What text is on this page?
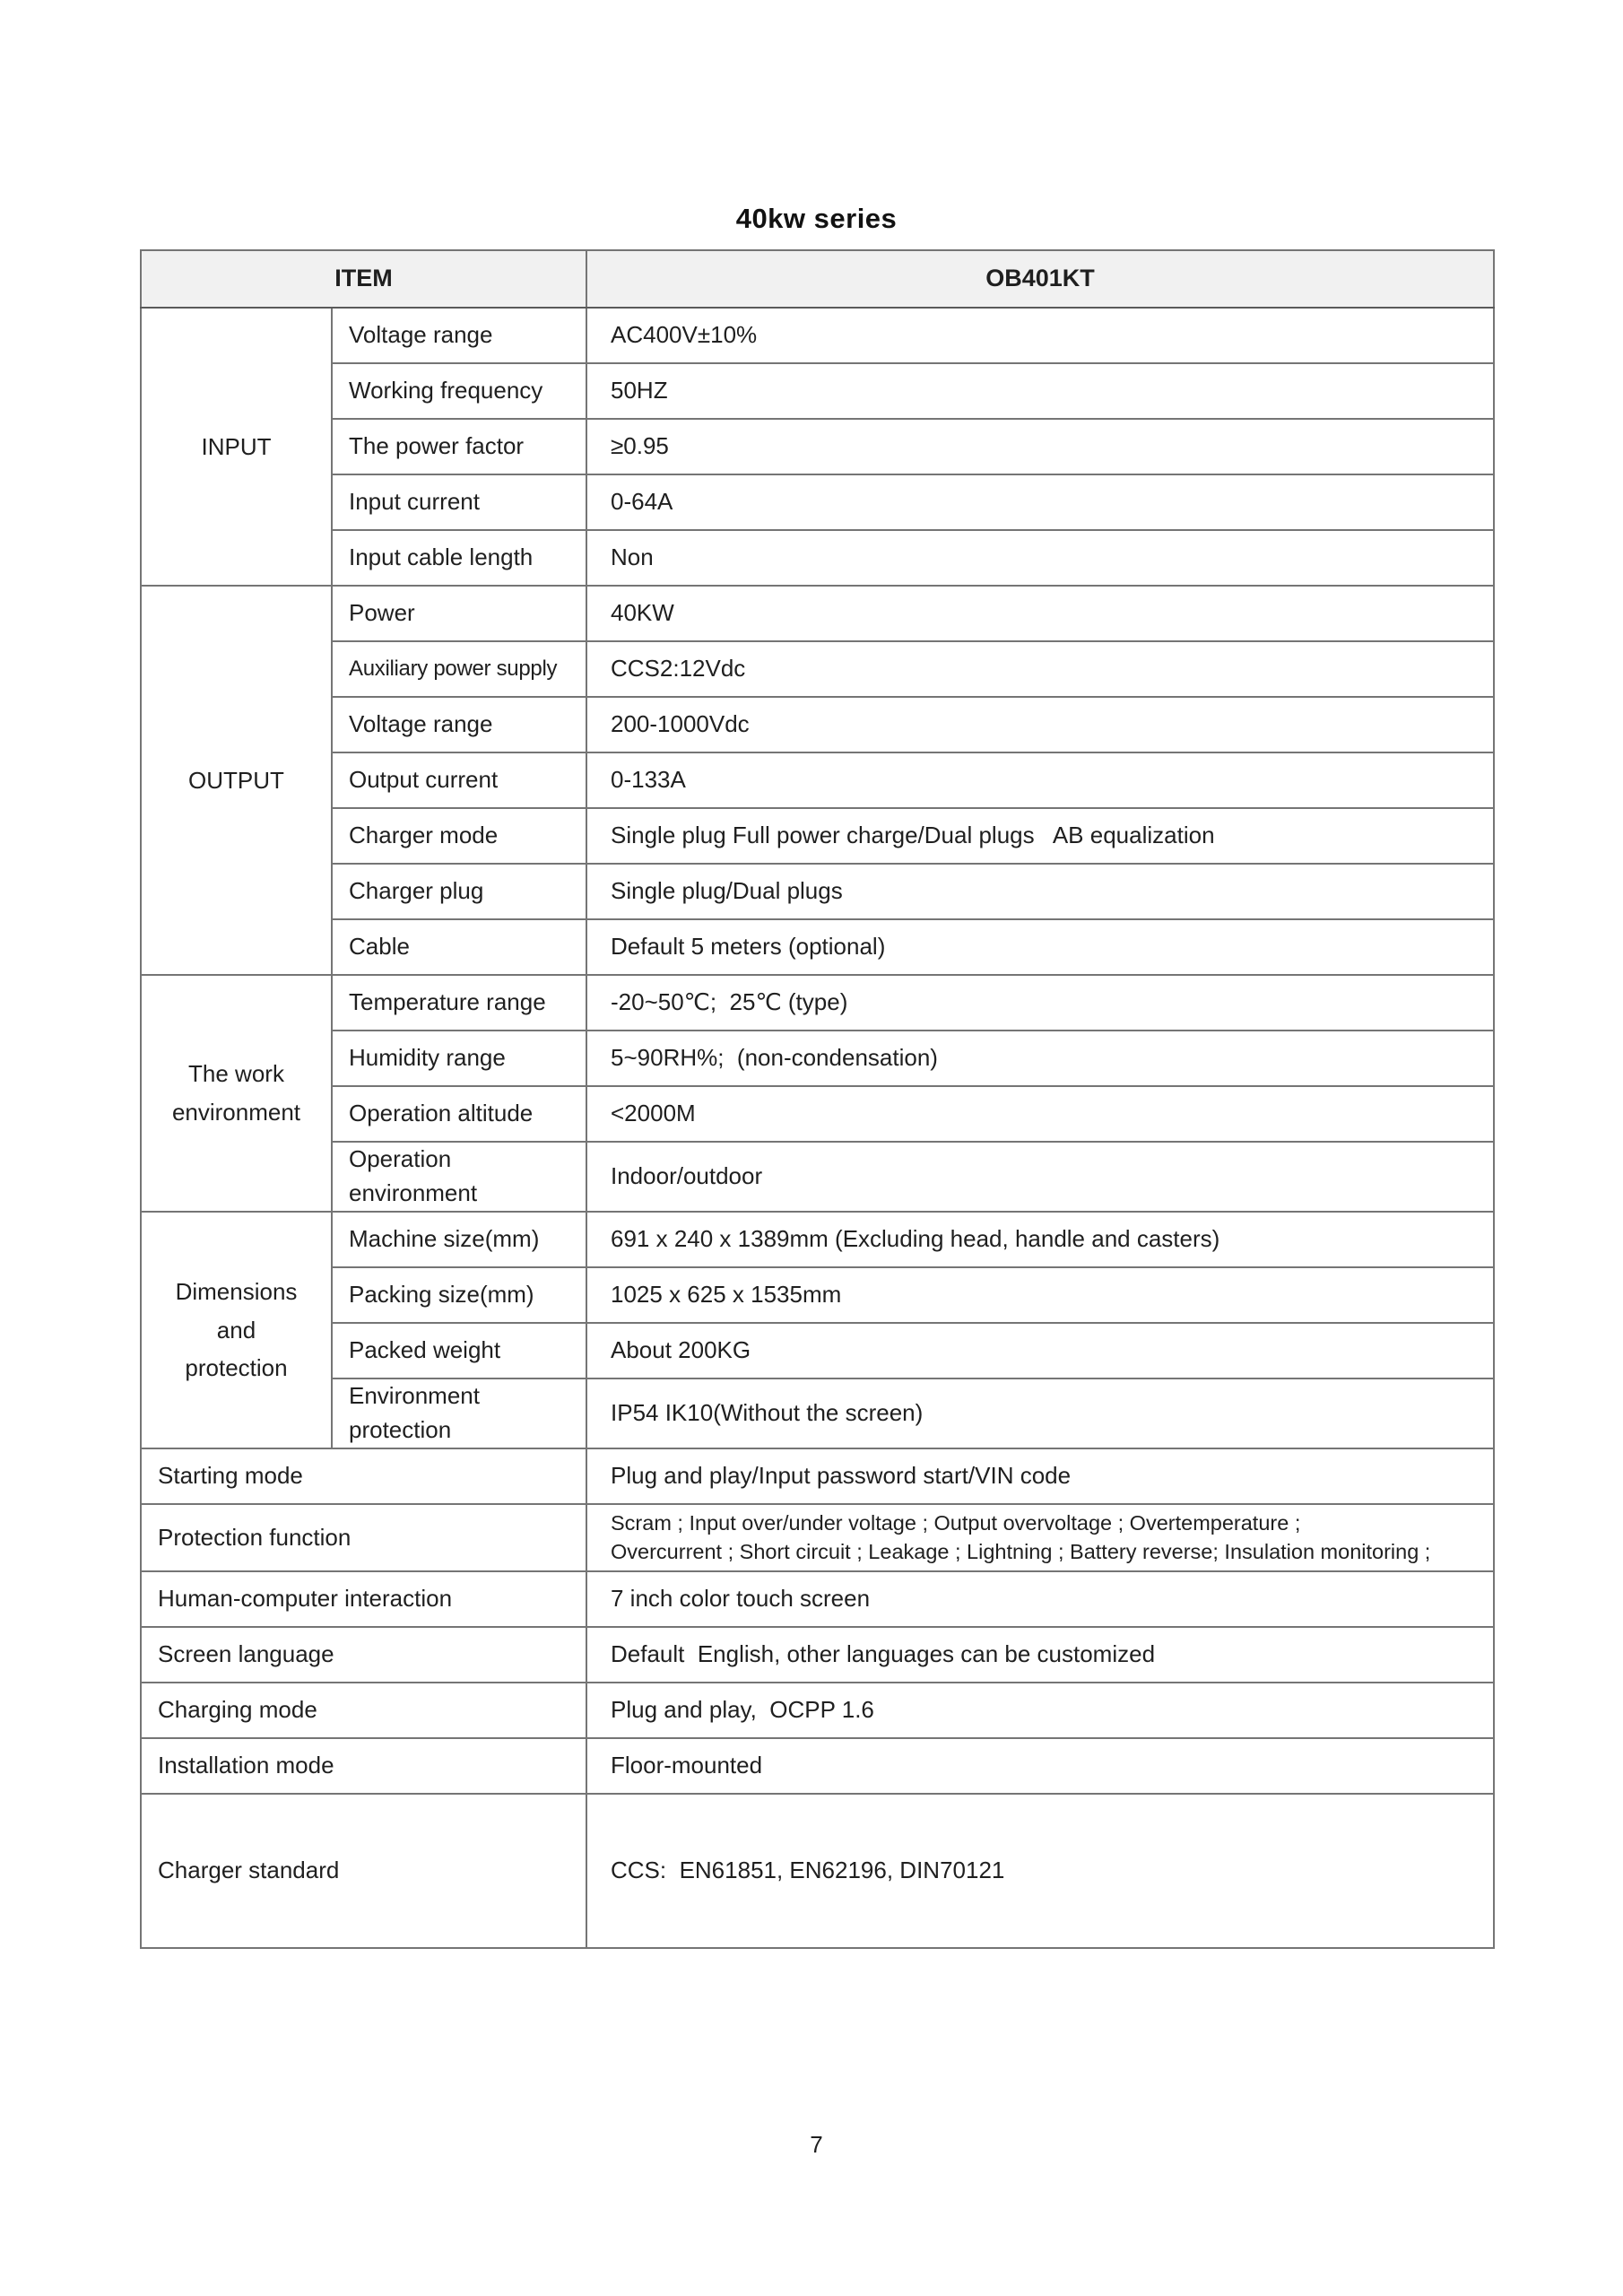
40kw series
ITEM		OB401KT
INPUT	Voltage range	AC400V±10%
	Working frequency	50HZ
	The power factor	≥0.95
	Input current	0-64A
	Input cable length	Non
OUTPUT	Power	40KW
	Auxiliary power supply	CCS2:12Vdc
	Voltage range	200-1000Vdc
	Output current	0-133A
	Charger mode	Single plug Full power charge/Dual plugs   AB equalization
	Charger plug	Single plug/Dual plugs
	Cable	Default 5 meters (optional)
The work environment	Temperature range	-20~50℃;  25℃ (type)
	Humidity range	5~90RH%;  (non-condensation)
	Operation altitude	<2000M
	Operation environment	Indoor/outdoor
Dimensions and protection	Machine size(mm)	691 x 240 x 1389mm (Excluding head, handle and casters)
	Packing size(mm)	1025 x 625 x 1535mm
	Packed weight	About 200KG
	Environment protection	IP54 IK10(Without the screen)
Starting mode		Plug and play/Input password start/VIN code
Protection function		Scram ; Input over/under voltage ; Output overvoltage ; Overtemperature ;
Overcurrent ; Short circuit ; Leakage ; Lightning ; Battery reverse; Insulation monitoring ;

Human-computer interaction		7 inch color touch screen
Screen language		Default  English, other languages can be customized
Charging mode		Plug and play,  OCPP 1.6
Installation mode		Floor-mounted
Charger standard		CCS:  EN61851, EN62196, DIN70121
7
